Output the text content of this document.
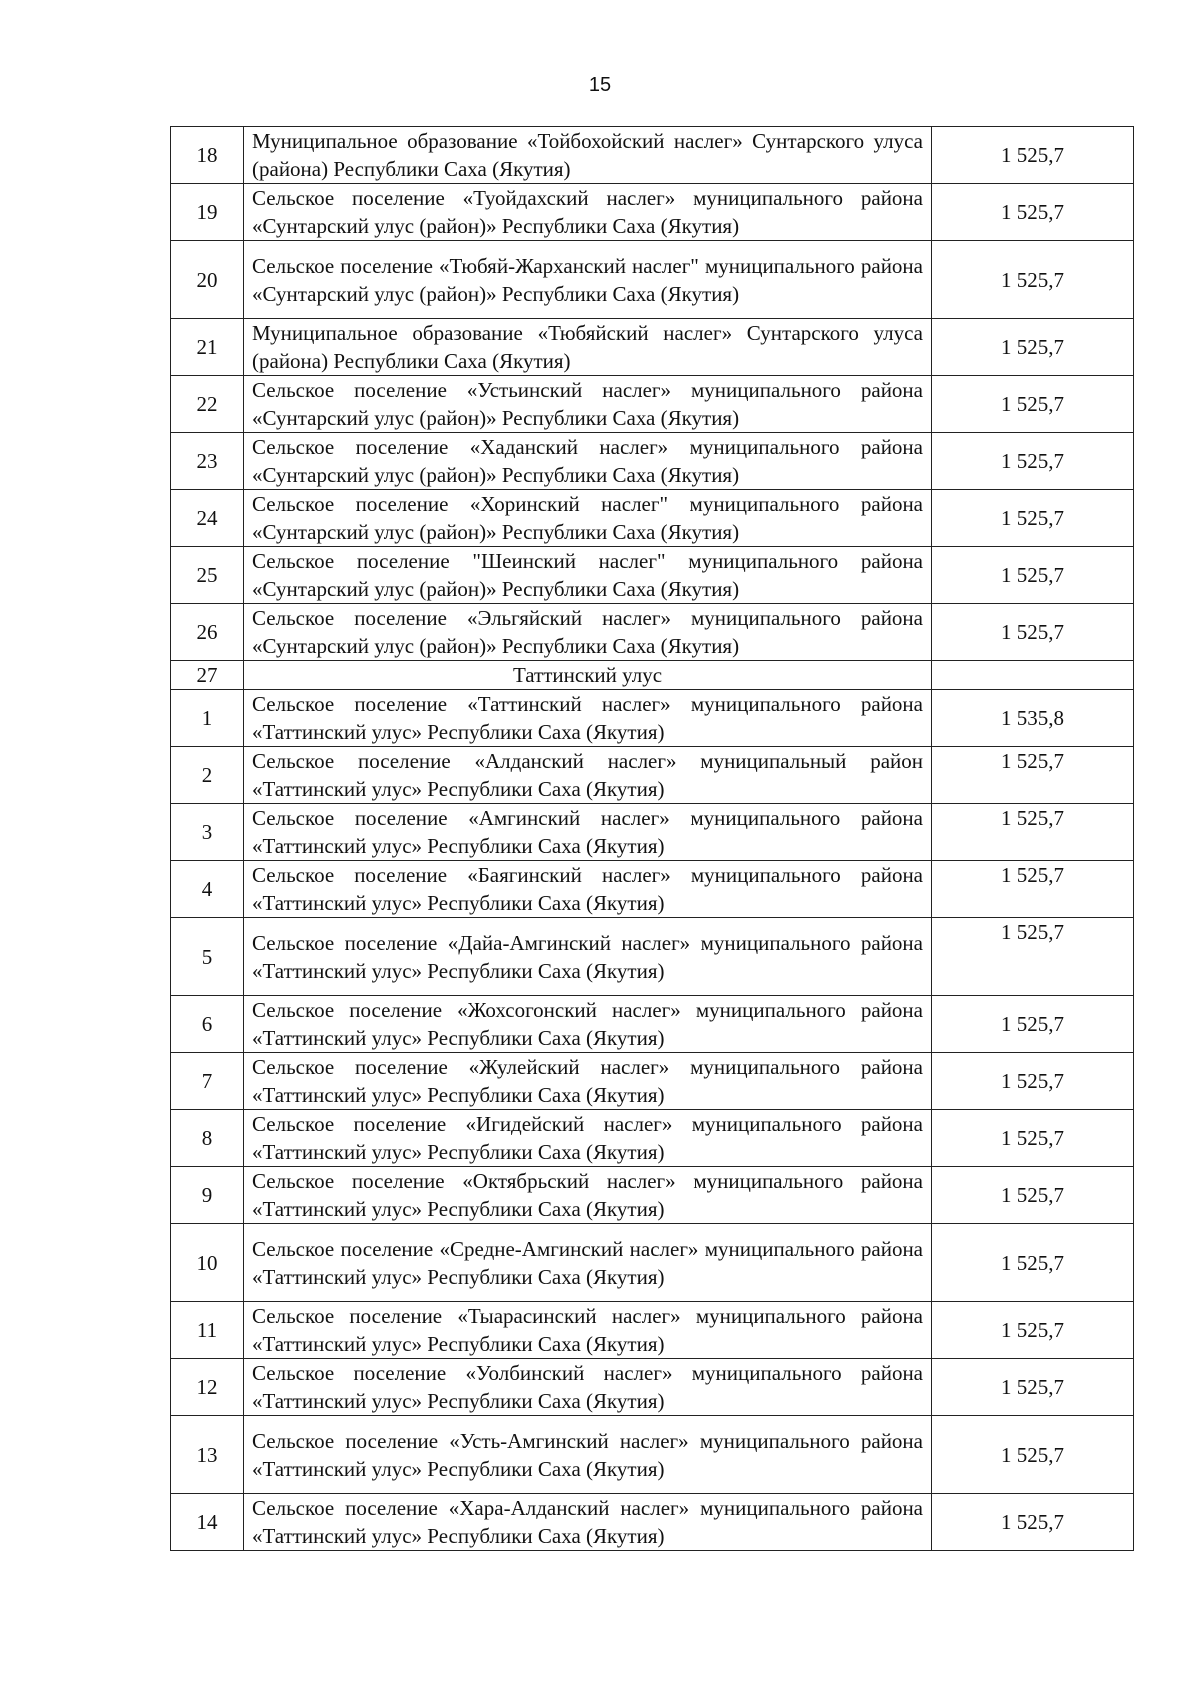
15
18	Муниципальное образование «Тойбохойский наслег» Сунтарского улуса (района) Республики Саха (Якутия)	1 525,7
19	Сельское поселение «Туойдахский наслег» муниципального района «Сунтарский улус (район)» Республики Саха (Якутия)	1 525,7
20	Сельское поселение «Тюбяй-Жарханский наслег" муниципального района «Сунтарский улус (район)» Республики Саха (Якутия)	1 525,7
21	Муниципальное образование «Тюбяйский наслег» Сунтарского улуса (района) Республики Саха (Якутия)	1 525,7
22	Сельское поселение «Устьинский наслег» муниципального района «Сунтарский улус (район)» Республики Саха (Якутия)	1 525,7
23	Сельское поселение «Хаданский наслег» муниципального района «Сунтарский улус (район)» Республики Саха (Якутия)	1 525,7
24	Сельское поселение «Хоринский наслег" муниципального района «Сунтарский улус (район)» Республики Саха (Якутия)	1 525,7
25	Сельское поселение "Шеинский наслег" муниципального района «Сунтарский улус (район)» Республики Саха (Якутия)	1 525,7
26	Сельское поселение «Эльгяйский наслег» муниципального района «Сунтарский улус (район)» Республики Саха (Якутия)	1 525,7
27	Таттинский улус	
1	Сельское поселение «Таттинский наслег» муниципального района «Таттинский улус» Республики Саха (Якутия)	1 535,8
2	Сельское поселение «Алданский наслег» муниципальный район «Таттинский улус» Республики Саха (Якутия)	1 525,7
3	Сельское поселение «Амгинский наслег» муниципального района «Таттинский улус» Республики Саха (Якутия)	1 525,7
4	Сельское поселение «Баягинский наслег» муниципального района «Таттинский улус» Республики Саха (Якутия)	1 525,7
5	Сельское поселение «Дайа-Амгинский наслег» муниципального района «Таттинский улус» Республики Саха (Якутия)	1 525,7
6	Сельское поселение «Жохсогонский наслег» муниципального района «Таттинский улус» Республики Саха (Якутия)	1 525,7
7	Сельское поселение «Жулейский наслег» муниципального района «Таттинский улус» Республики Саха (Якутия)	1 525,7
8	Сельское поселение «Игидейский наслег» муниципального района «Таттинский улус» Республики Саха (Якутия)	1 525,7
9	Сельское поселение «Октябрьский наслег» муниципального района «Таттинский улус» Республики Саха (Якутия)	1 525,7
10	Сельское поселение «Средне-Амгинский наслег» муниципального района «Таттинский улус» Республики Саха (Якутия)	1 525,7
11	Сельское поселение «Тыарасинский наслег» муниципального района «Таттинский улус» Республики Саха (Якутия)	1 525,7
12	Сельское поселение «Уолбинский наслег» муниципального района «Таттинский улус» Республики Саха (Якутия)	1 525,7
13	Сельское поселение «Усть-Амгинский наслег» муниципального района «Таттинский улус» Республики Саха (Якутия)	1 525,7
14	Сельское поселение «Хара-Алданский наслег» муниципального района «Таттинский улус» Республики Саха (Якутия)	1 525,7
